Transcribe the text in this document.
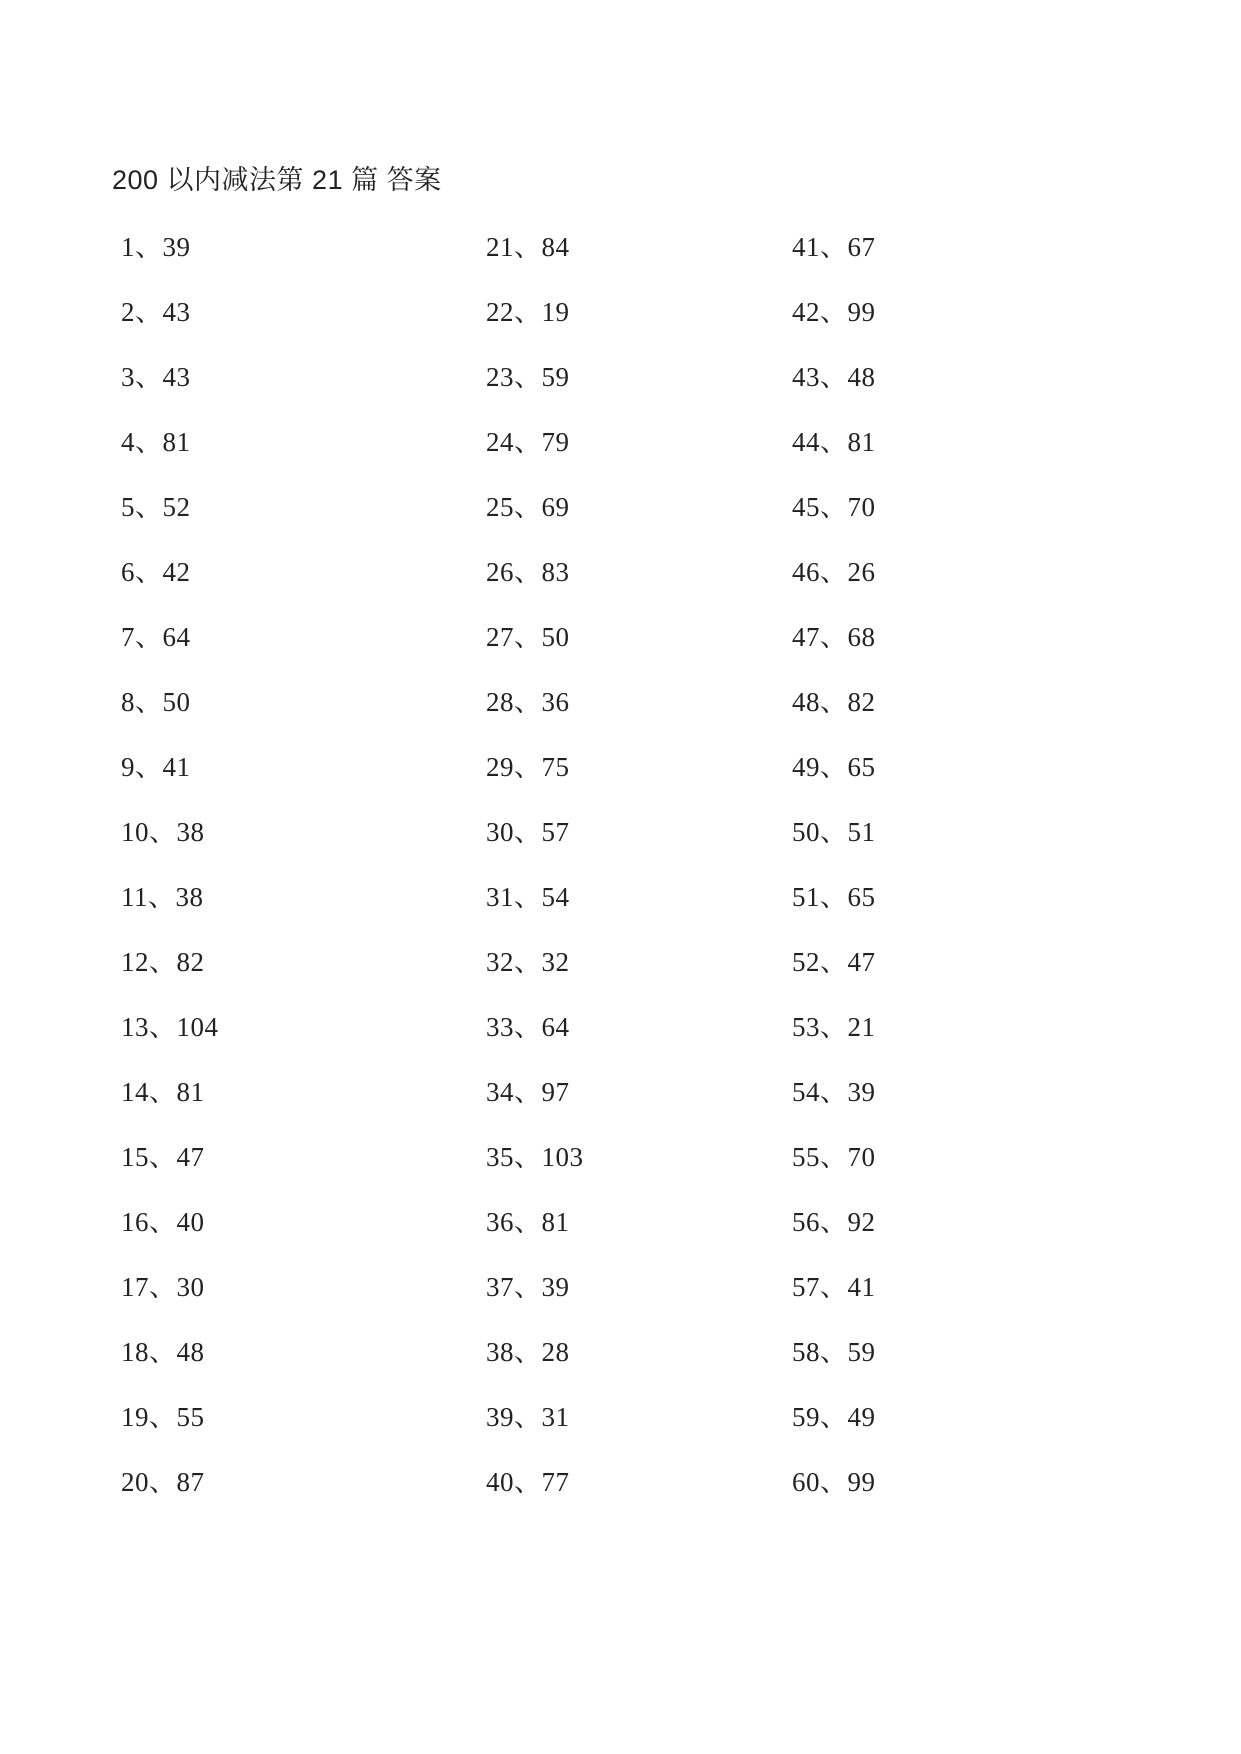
200 以内减法第 21 篇 答案
1、39
2、43
3、43
4、81
5、52
6、42
7、64
8、50
9、41
10、38
11、38
12、82
13、104
14、81
15、47
16、40
17、30
18、48
19、55
20、87
21、84
22、19
23、59
24、79
25、69
26、83
27、50
28、36
29、75
30、57
31、54
32、32
33、64
34、97
35、103
36、81
37、39
38、28
39、31
40、77
41、67
42、99
43、48
44、81
45、70
46、26
47、68
48、82
49、65
50、51
51、65
52、47
53、21
54、39
55、70
56、92
57、41
58、59
59、49
60、99
